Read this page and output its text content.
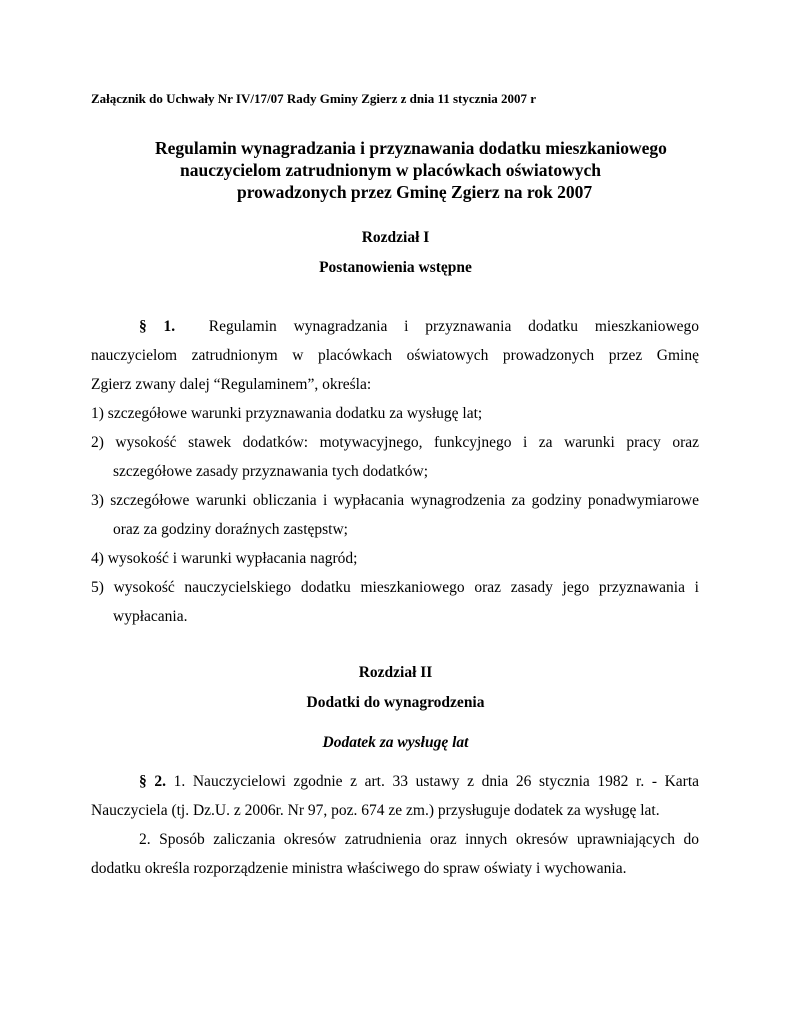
Załącznik do Uchwały Nr IV/17/07 Rady Gminy Zgierz z dnia 11 stycznia 2007 r
Regulamin wynagradzania i przyznawania dodatku mieszkaniowego
nauczycielom zatrudnionym w placówkach oświatowych
prowadzonych przez Gminę Zgierz na rok 2007
Rozdział I
Postanowienia wstępne
§ 1. Regulamin wynagradzania i przyznawania dodatku mieszkaniowego
nauczycielom zatrudnionym w placówkach oświatowych prowadzonych przez Gminę
Zgierz zwany dalej “Regulaminem”, określa:
1) szczegółowe warunki przyznawania dodatku za wysługę lat;
2) wysokość stawek dodatków: motywacyjnego, funkcyjnego i za warunki pracy oraz szczegółowe zasady przyznawania tych dodatków;
3) szczegółowe warunki obliczania i wypłacania wynagrodzenia za godziny ponadwymiarowe oraz za godziny doraźnych zastępstw;
4) wysokość i warunki wypłacania nagród;
5) wysokość nauczycielskiego dodatku mieszkaniowego oraz zasady jego przyznawania i wypłacania.
Rozdział II
Dodatki do wynagrodzenia
Dodatek za wysługę lat

§ 2. 1. Nauczycielowi zgodnie z art. 33 ustawy z dnia 26 stycznia 1982 r. - Karta Nauczyciela (tj. Dz.U. z 2006r. Nr 97, poz. 674 ze zm.) przysługuje dodatek za wysługę lat.

2. Sposób zaliczania okresów zatrudnienia oraz innych okresów uprawniających do dodatku określa rozporządzenie ministra właściwego do spraw oświaty i wychowania.
